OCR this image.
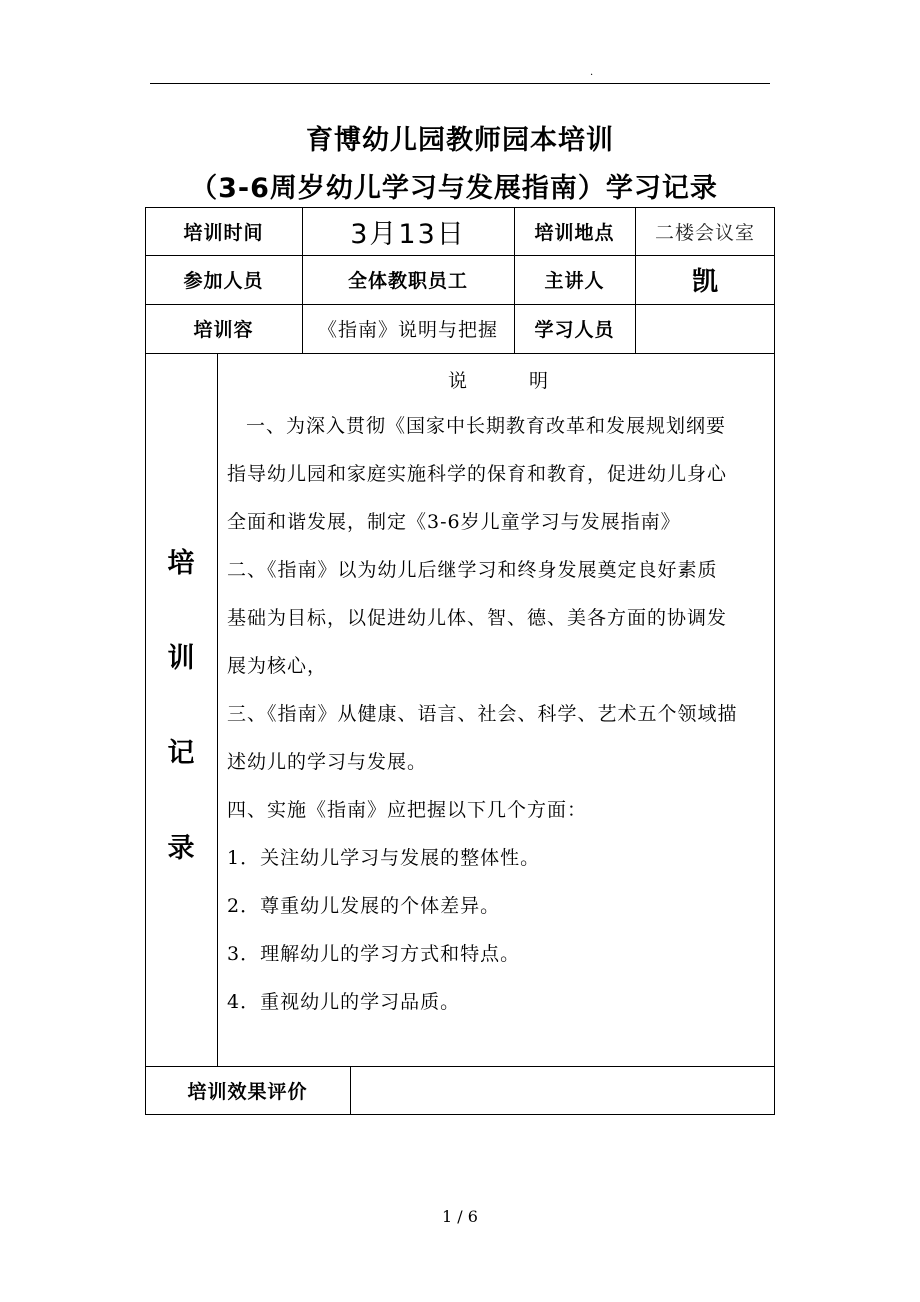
.
育博幼儿园教师园本培训
（3-6周岁幼儿学习与发展指南）学习记录
培训时间	3月13日	培训地点	二楼会议室
参加人员	全体教职员工	主讲人	凯
培训容	《指南》说明与把握	学习人员
培
训
记
录
说	明

一、为深入贯彻《国家中长期教育改革和发展规划纲要

指导幼儿园和家庭实施科学的保育和教育，促进幼儿身心

全面和谐发展，制定《3-6岁儿童学习与发展指南》

二、《指南》以为幼儿后继学习和终身发展奠定良好素质

基础为目标，以促进幼儿体、智、德、美各方面的协调发

展为核心，

三、《指南》从健康、语言、社会、科学、艺术五个领域描

述幼儿的学习与发展。

四、实施《指南》应把握以下几个方面：

1．关注幼儿学习与发展的整体性。

2．尊重幼儿发展的个体差异。

3．理解幼儿的学习方式和特点。

4．重视幼儿的学习品质。

培训效果评价
1 / 6
